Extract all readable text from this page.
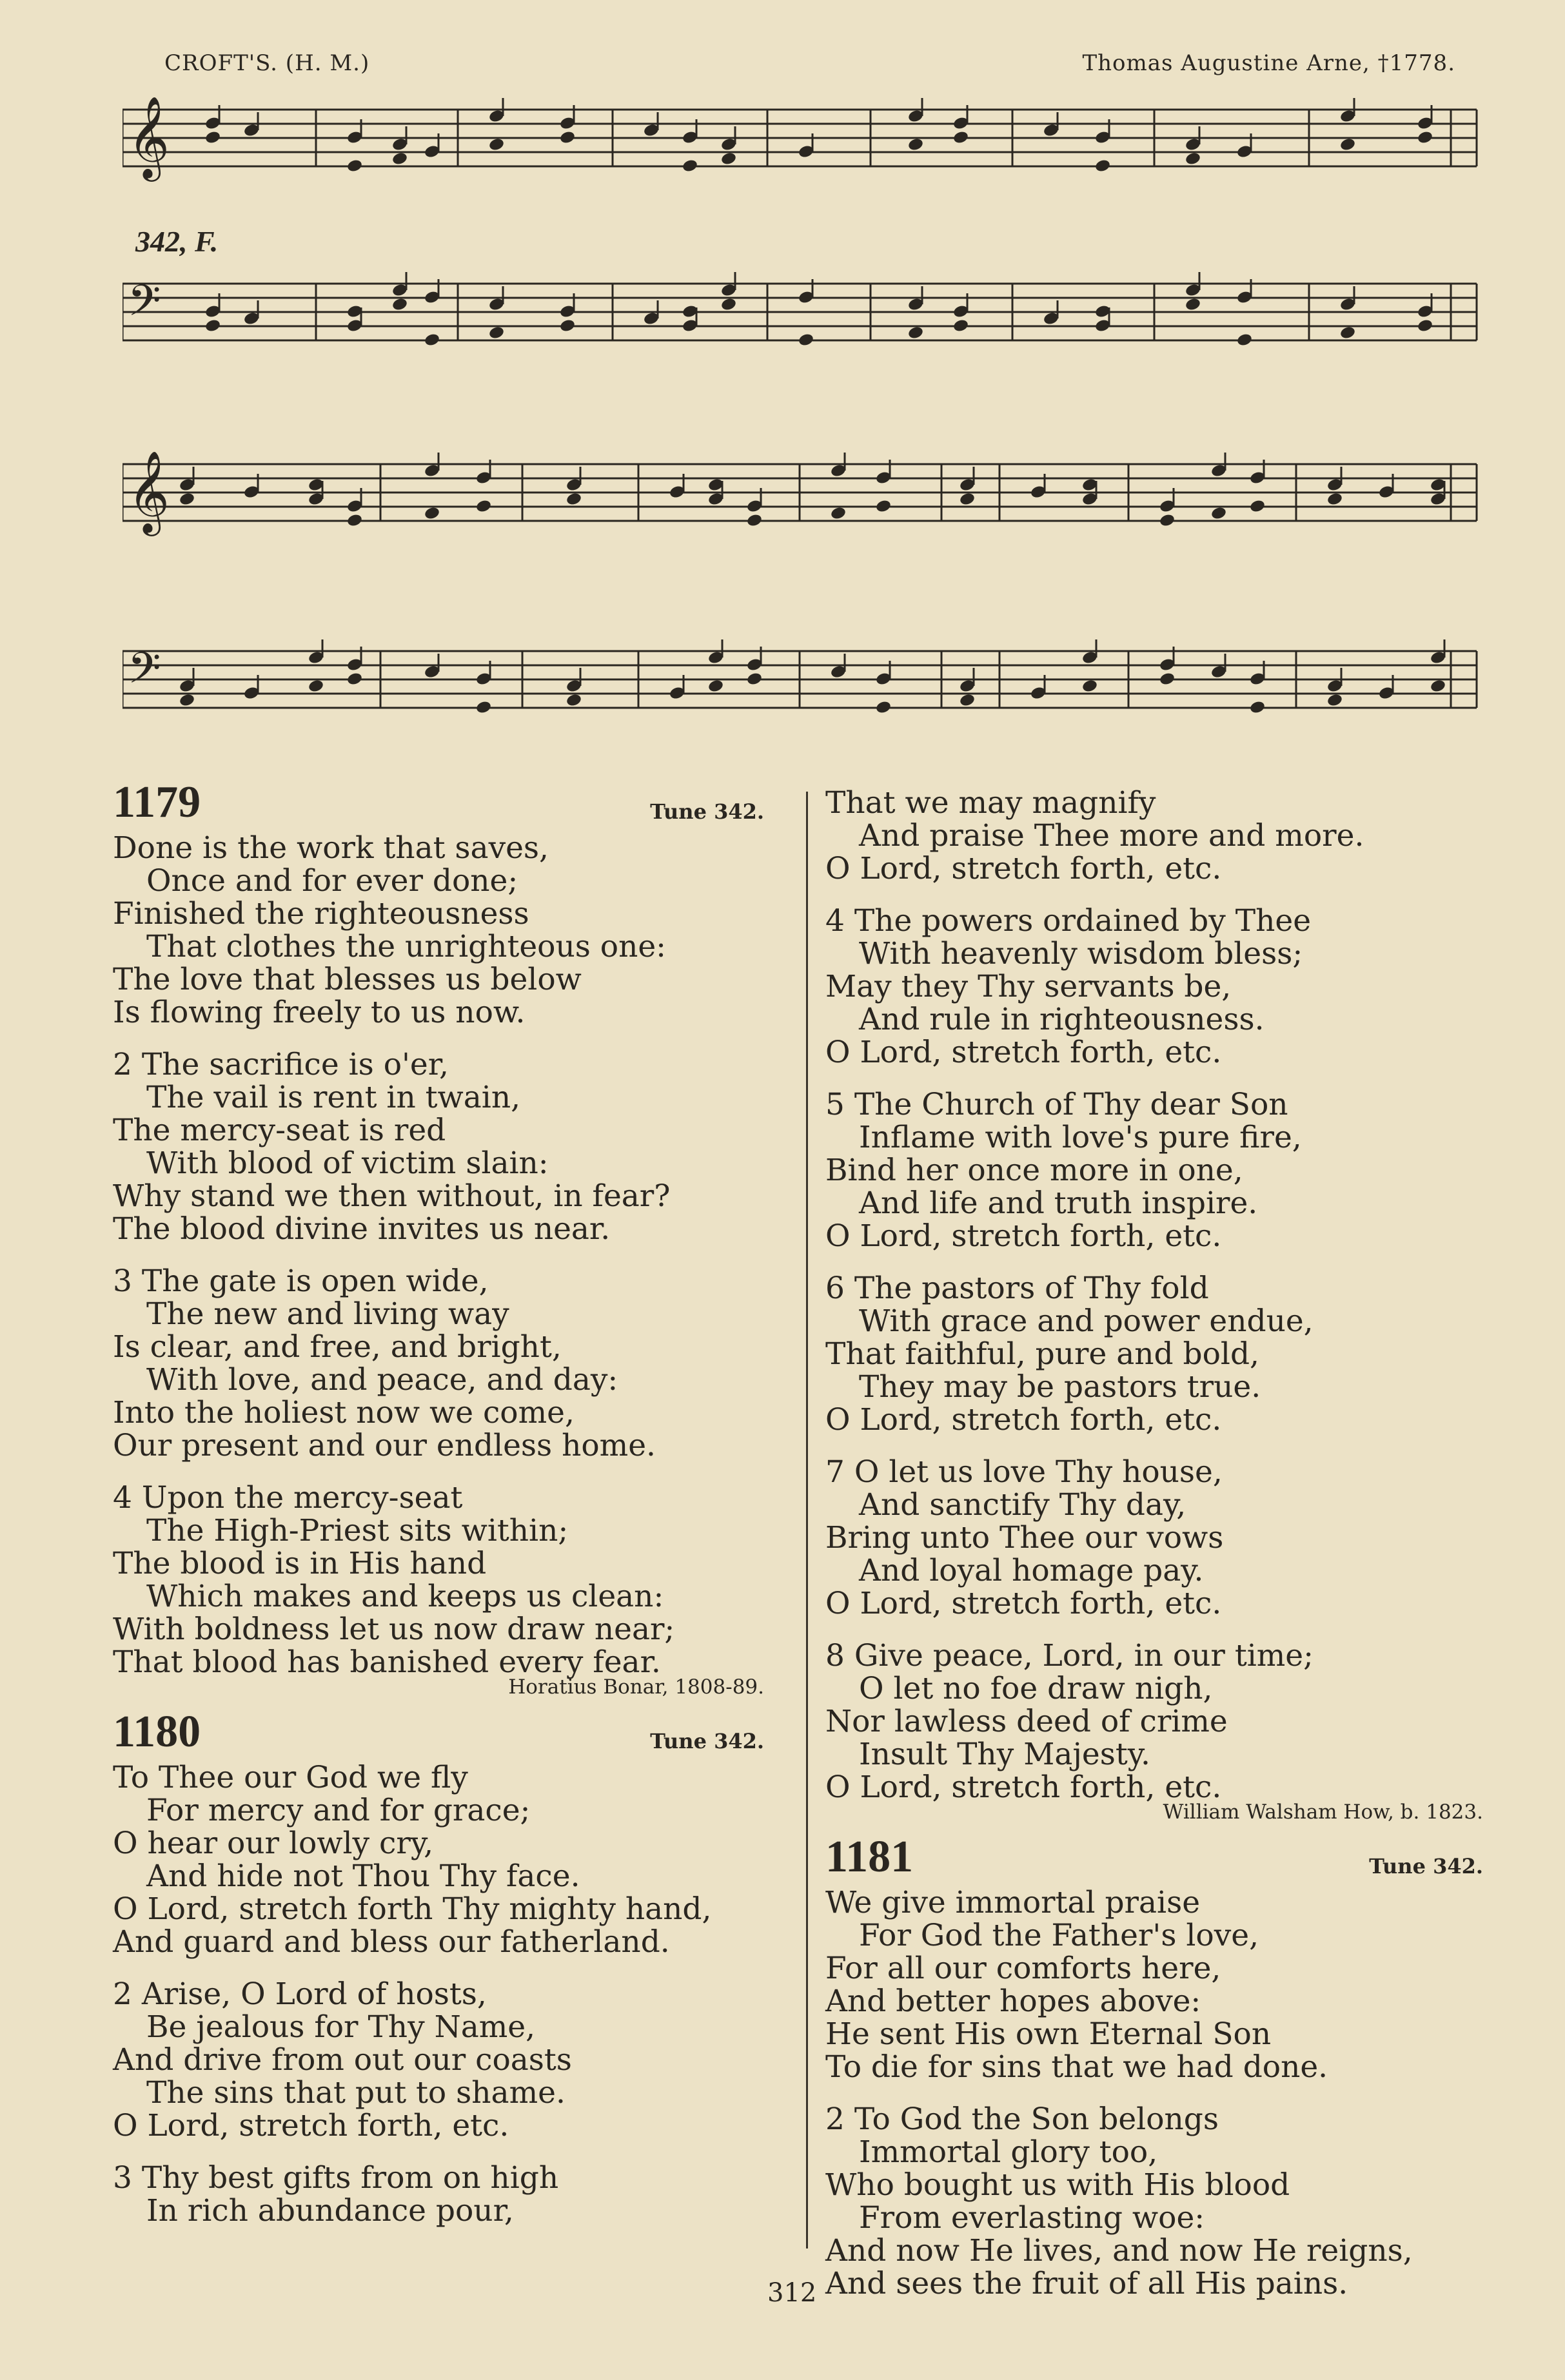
CROFT'S. (H. M.)	Thomas Augustine Arne, †1778.
𝄞
342, F.
𝄢
𝄞
𝄢
1179	Tune 342.
Done is the work that saves,
Once and for ever done;
Finished the righteousness
That clothes the unrighteous one:
The love that blesses us below
Is flowing freely to us now.
2 The sacrifice is o'er,
The vail is rent in twain,
The mercy-seat is red
With blood of victim slain:
Why stand we then without, in fear?
The blood divine invites us near.
3 The gate is open wide,
The new and living way
Is clear, and free, and bright,
With love, and peace, and day:
Into the holiest now we come,
Our present and our endless home.
4 Upon the mercy-seat
The High-Priest sits within;
The blood is in His hand
Which makes and keeps us clean:
With boldness let us now draw near;
That blood has banished every fear.
Horatius Bonar, 1808-89.
1180	Tune 342.
To Thee our God we fly
For mercy and for grace;
O hear our lowly cry,
And hide not Thou Thy face.
O Lord, stretch forth Thy mighty hand,
And guard and bless our fatherland.
2 Arise, O Lord of hosts,
Be jealous for Thy Name,
And drive from out our coasts
The sins that put to shame.
O Lord, stretch forth, etc.
3 Thy best gifts from on high
In rich abundance pour,
That we may magnify
And praise Thee more and more.
O Lord, stretch forth, etc.
4 The powers ordained by Thee
With heavenly wisdom bless;
May they Thy servants be,
And rule in righteousness.
O Lord, stretch forth, etc.
5 The Church of Thy dear Son
Inflame with love's pure fire,
Bind her once more in one,
And life and truth inspire.
O Lord, stretch forth, etc.
6 The pastors of Thy fold
With grace and power endue,
That faithful, pure and bold,
They may be pastors true.
O Lord, stretch forth, etc.
7 O let us love Thy house,
And sanctify Thy day,
Bring unto Thee our vows
And loyal homage pay.
O Lord, stretch forth, etc.
8 Give peace, Lord, in our time;
O let no foe draw nigh,
Nor lawless deed of crime
Insult Thy Majesty.
O Lord, stretch forth, etc.
William Walsham How, b. 1823.
1181	Tune 342.
We give immortal praise
For God the Father's love,
For all our comforts here,
And better hopes above:
He sent His own Eternal Son
To die for sins that we had done.
2 To God the Son belongs
Immortal glory too,
Who bought us with His blood
From everlasting woe:
And now He lives, and now He reigns,
And sees the fruit of all His pains.
312
